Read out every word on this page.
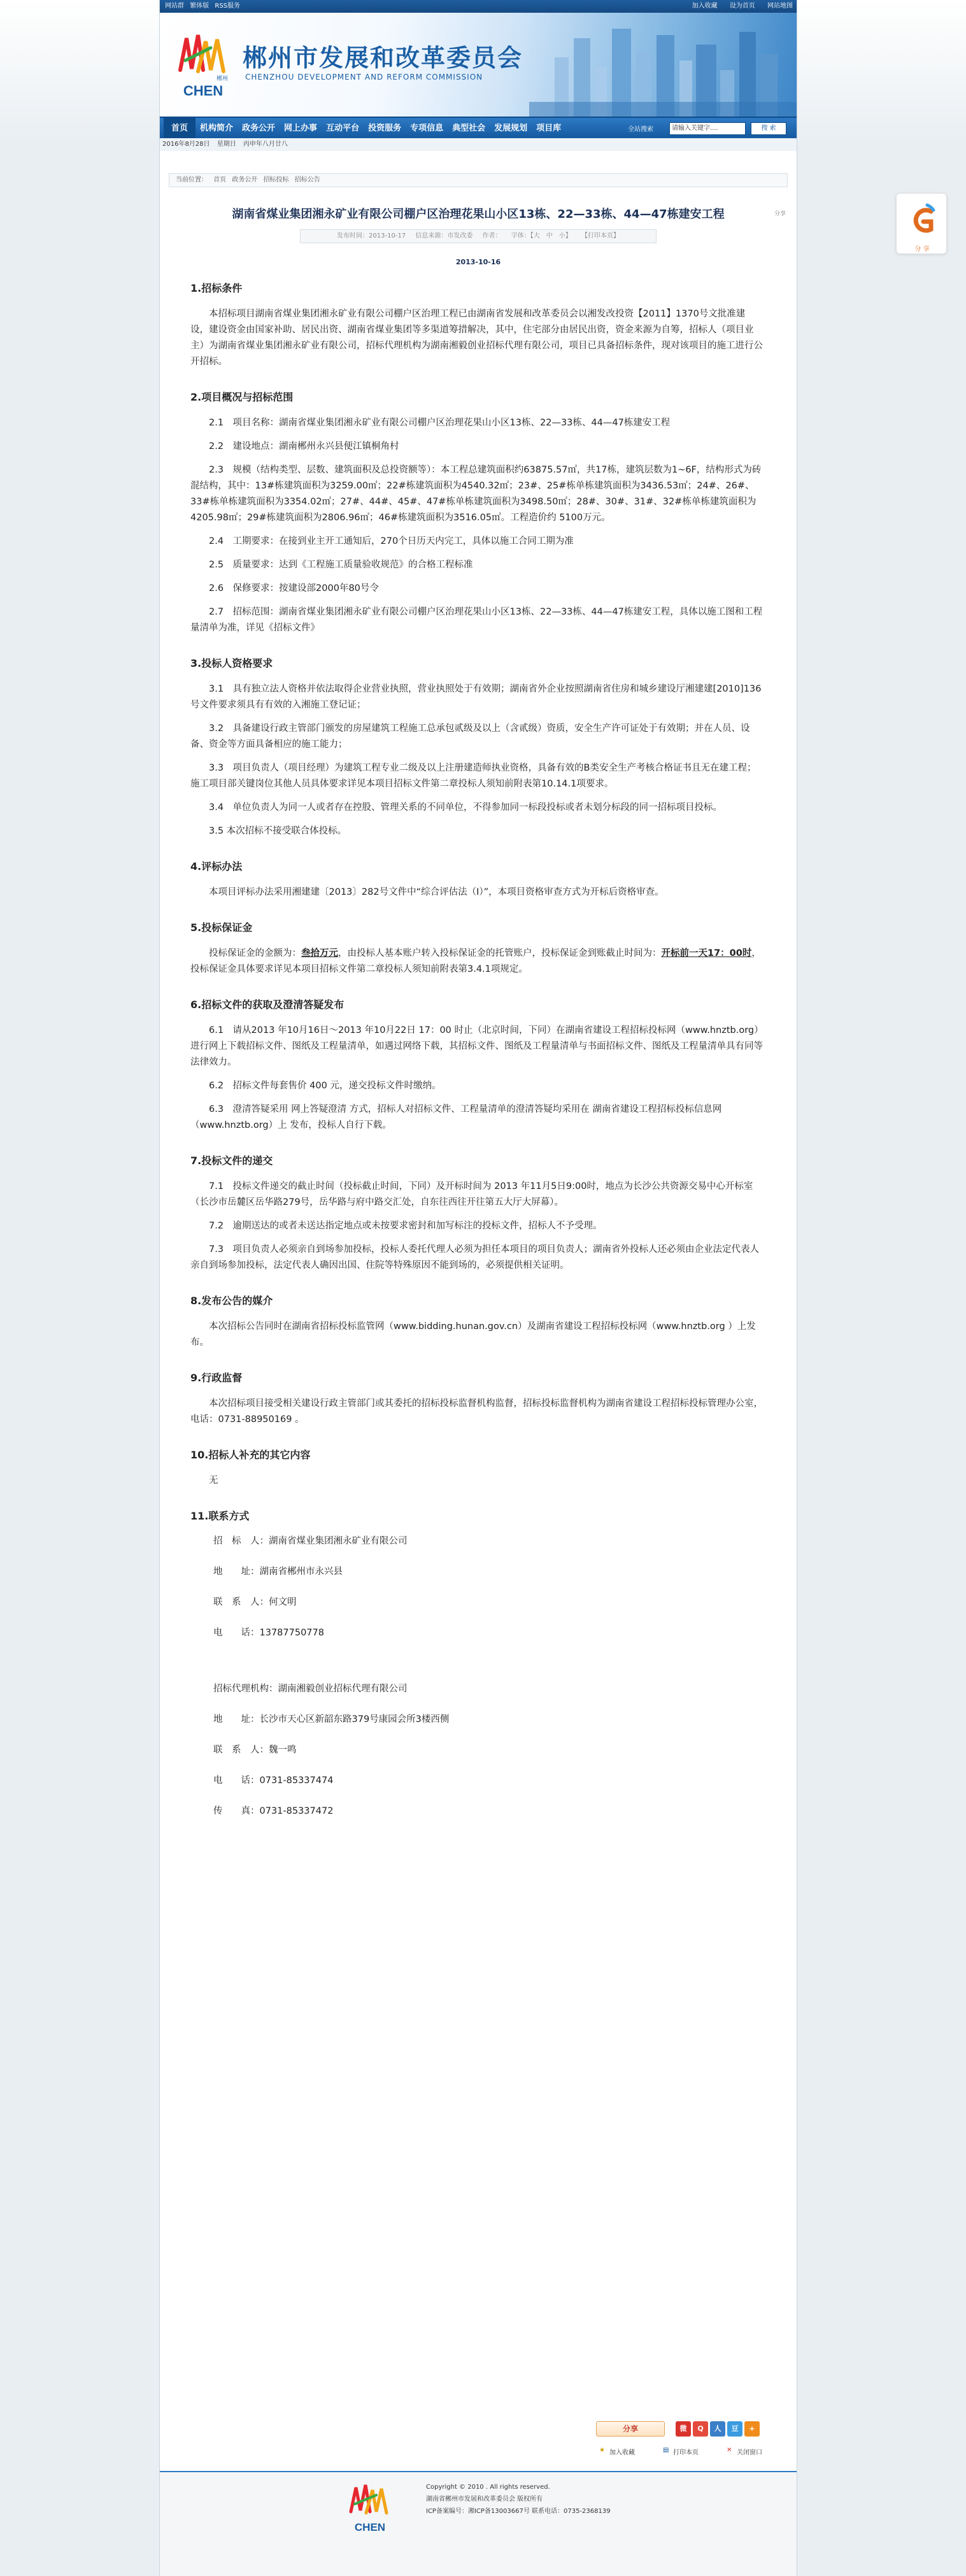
网站群 繁体版 RSS服务	加入收藏 设为首页 网站地图
CHEN
郴州
郴州市发展和改革委员会
CHENZHOU DEVELOPMENT AND REFORM COMMISSION
首页	机构简介	政务公开	网上办事	互动平台	投资服务	专项信息	典型社会	发展规划	项目库	全站搜索	请输入关键字....	搜 索
2016年8月28日 星期日 丙申年八月廿八
当前位置： 首页 政务公开 招标投标 招标公告
湖南省煤业集团湘永矿业有限公司棚户区治理花果山小区13栋、22—33栋、44—47栋建安工程	分享
发布时间：2013-10-17 信息来源：市发改委 作者： 字体：【大　中　小】 【打印本页】
2013-10-16
1.招标条件
本招标项目湖南省煤业集团湘永矿业有限公司棚户区治理工程已由湖南省发展和改革委员会以湘发改投资【2011】1370号文批准建设，建设资金由国家补助、居民出资、湖南省煤业集团等多渠道筹措解决，其中，住宅部分由居民出资，资金来源为自筹，招标人（项目业主）为湖南省煤业集团湘永矿业有限公司，招标代理机构为湖南湘毅创业招标代理有限公司，项目已具备招标条件，现对该项目的施工进行公开招标。
2.项目概况与招标范围
2.1　项目名称：湖南省煤业集团湘永矿业有限公司棚户区治理花果山小区13栋、22—33栋、44—47栋建安工程
2.2　建设地点：湖南郴州永兴县便江镇桐角村
2.3　规模（结构类型、层数、建筑面积及总投资额等）：本工程总建筑面积约63875.57㎡，共17栋，建筑层数为1~6F，结构形式为砖混结构，其中：13#栋建筑面积为3259.00㎡；22#栋建筑面积为4540.32㎡；23#、25#栋单栋建筑面积为3436.53㎡；24#、26#、33#栋单栋建筑面积为3354.02㎡；27#、44#、45#、47#栋单栋建筑面积为3498.50㎡；28#、30#、31#、32#栋单栋建筑面积为4205.98㎡；29#栋建筑面积为2806.96㎡；46#栋建筑面积为3516.05㎡。工程造价约 5100万元。
2.4　工期要求：在接到业主开工通知后，270个日历天内完工，具体以施工合同工期为准
2.5　质量要求：达到《工程施工质量验收规范》的合格工程标准
2.6　保修要求：按建设部2000年80号令
2.7　招标范围：湖南省煤业集团湘永矿业有限公司棚户区治理花果山小区13栋、22—33栋、44—47栋建安工程，具体以施工图和工程量清单为准，详见《招标文件》
3.投标人资格要求
3.1　具有独立法人资格并依法取得企业营业执照，营业执照处于有效期；湖南省外企业按照湖南省住房和城乡建设厅湘建建[2010]136号文件要求须具有有效的入湘施工登记证；
3.2　具备建设行政主管部门颁发的房屋建筑工程施工总承包贰级及以上（含贰级）资质，安全生产许可证处于有效期；并在人员、设备、资金等方面具备相应的施工能力；
3.3　项目负责人（项目经理）为建筑工程专业二级及以上注册建造师执业资格，具备有效的B类安全生产考核合格证书且无在建工程；施工项目部关键岗位其他人员具体要求详见本项目招标文件第二章投标人须知前附表第10.14.1项要求。
3.4　单位负责人为同一人或者存在控股、管理关系的不同单位，不得参加同一标段投标或者未划分标段的同一招标项目投标。
3.5 本次招标不接受联合体投标。
4.评标办法
本项目评标办法采用湘建建〔2013〕282号文件中“综合评估法（Ⅰ）”，本项目资格审查方式为开标后资格审查。
5.投标保证金
投标保证金的金额为：叁拾万元，由投标人基本账户转入投标保证金的托管账户，投标保证金到账截止时间为：开标前一天17：00时，投标保证金具体要求详见本项目招标文件第二章投标人须知前附表第3.4.1项规定。
6.招标文件的获取及澄清答疑发布
6.1　请从2013 年10月16日～2013 年10月22日 17：00 时止（北京时间，下同）在湖南省建设工程招标投标网（www.hnztb.org）进行网上下载招标文件、图纸及工程量清单，如遇过网络下载，其招标文件、图纸及工程量清单与书面招标文件、图纸及工程量清单具有同等法律效力。
6.2　招标文件每套售价 400 元，递交投标文件时缴纳。
6.3　澄清答疑采用 网上答疑澄清 方式，招标人对招标文件、工程量清单的澄清答疑均采用在 湖南省建设工程招标投标信息网（www.hnztb.org）上 发布，投标人自行下载。
7.投标文件的递交
7.1　投标文件递交的截止时间（投标截止时间，下同）及开标时间为 2013 年11月5日9:00时，地点为长沙公共资源交易中心开标室（长沙市岳麓区岳华路279号，岳华路与府中路交汇处，自东往西往开往第五大厅大屏幕）。
7.2　逾期送达的或者未送达指定地点或未按要求密封和加写标注的投标文件，招标人不予受理。
7.3　项目负责人必须亲自到场参加投标，投标人委托代理人必须为担任本项目的项目负责人；湖南省外投标人还必须由企业法定代表人亲自到场参加投标，法定代表人确因出国、住院等特殊原因不能到场的，必须提供相关证明。
8.发布公告的媒介
本次招标公告同时在湖南省招标投标监管网（www.bidding.hunan.gov.cn）及湖南省建设工程招标投标网（www.hnztb.org ）上发布。
9.行政监督
本次招标项目接受相关建设行政主管部门或其委托的招标投标监督机构监督，招标投标监督机构为湖南省建设工程招标投标管理办公室，电话：0731-88950169 。
10.招标人补充的其它内容
无
11.联系方式
招　标　人：湖南省煤业集团湘永矿业有限公司
地　　址：湖南省郴州市永兴县
联　系　人：何文明
电　　话：13787750778
招标代理机构：湖南湘毅创业招标代理有限公司
地　　址：长沙市天心区新韶东路379号康园会所3楼西侧
联　系　人：魏一鸣
电　　话：0731-85337474
传　　真：0731-85337472
分享	微	Q	人	豆	+
★ 加入收藏	▤ 打印本页	✕ 关闭窗口
CHEN
Copyright © 2010 . All rights reserved.
湖南省郴州市发展和改革委员会 版权所有
ICP备案编号：湘ICP备13003667号 联系电话：0735-2368139
分 享
